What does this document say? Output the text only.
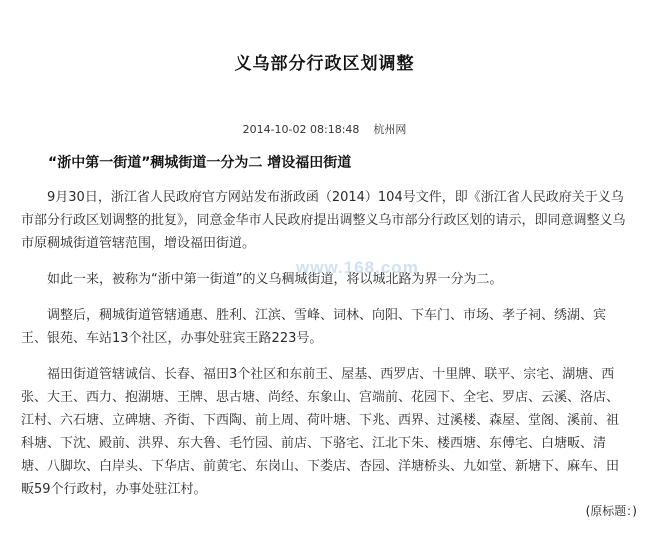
义乌部分行政区划调整
2014-10-02 08:18:48 杭州网
“浙中第一街道”稠城街道一分为二 增设福田街道

9月30日，浙江省人民政府官方网站发布浙政函（2014）104号文件，即《浙江省人民政府关于义乌市部分行政区划调整的批复》，同意金华市人民政府提出调整义乌市部分行政区划的请示，即同意调整义乌市原稠城街道管辖范围，增设福田街道。

如此一来，被称为“浙中第一街道”的义乌稠城街道，将以城北路为界一分为二。

调整后，稠城街道管辖通惠、胜利、江滨、雪峰、词林、向阳、下车门、市场、孝子祠、绣湖、宾王、银苑、车站13个社区，办事处驻宾王路223号。

福田街道管辖诚信、长春、福田3个社区和东前王、屋基、西罗店、十里牌、联平、宗宅、湖塘、西张、大王、西力、抱湖塘、王牌、思古塘、尚经、东象山、宫端前、花园下、全宅、罗店、云溪、洛店、江村、六石塘、立碑塘、齐街、下西陶、前上周、荷叶塘、下兆、西界、过溪楼、森屋、堂阁、溪前、祖科塘、下沈、殿前、洪界、东大鲁、毛竹园、前店、下骆宅、江北下朱、楼西塘、东傅宅、白塘畈、清塘、八脚坎、白岸头、下华店、前黄宅、东岗山、下娄店、杏园、洋塘桥头、九如堂、新塘下、麻车、田畈59个行政村，办事处驻江村。

www.168.com
(原标题：)
